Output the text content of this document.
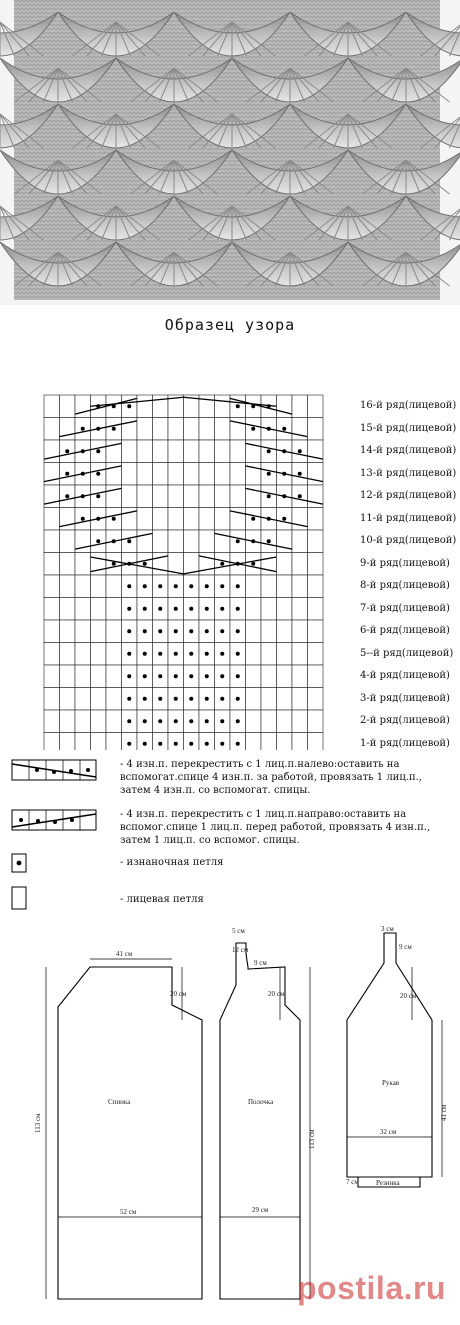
Образец узора
16-й ряд(лицевой)
15-й ряд(лицевой)
14-й ряд(лицевой)
13-й ряд(лицевой)
12-й ряд(лицевой)
11-й ряд(лицевой)
10-й ряд(лицевой)
9-й ряд(лицевой)
8-й ряд(лицевой)
7-й ряд(лицевой)
6-й ряд(лицевой)
5--й ряд(лицевой)
4-й ряд(лицевой)
3-й ряд(лицевой)
2-й ряд(лицевой)
1-й ряд(лицевой)
- 4 изн.п. перекрестить с 1 лиц.п.налево:оставить на вспомогат.спице 4 изн.п. за работой, провязать 1 лиц.п., затем 4 изн.п. со вспомогат. спицы.
- 4 изн.п. перекрестить с 1 лиц.п.направо:оставить на вспомог.спице 1 лиц.п. перед работой, провязать 4 изн.п., затем 1 лиц.п. со вспомог. спицы.
- изнаночная петля
- лицевая петля
41 см
20 см
113 см
52 см
Спинка
5 см
12 см
9 см
20 см
113 см
29 см
Полочка
3 см
9 см
20 см
32 см
41 см
Резинка
7 см
Рукав
postila.ru
